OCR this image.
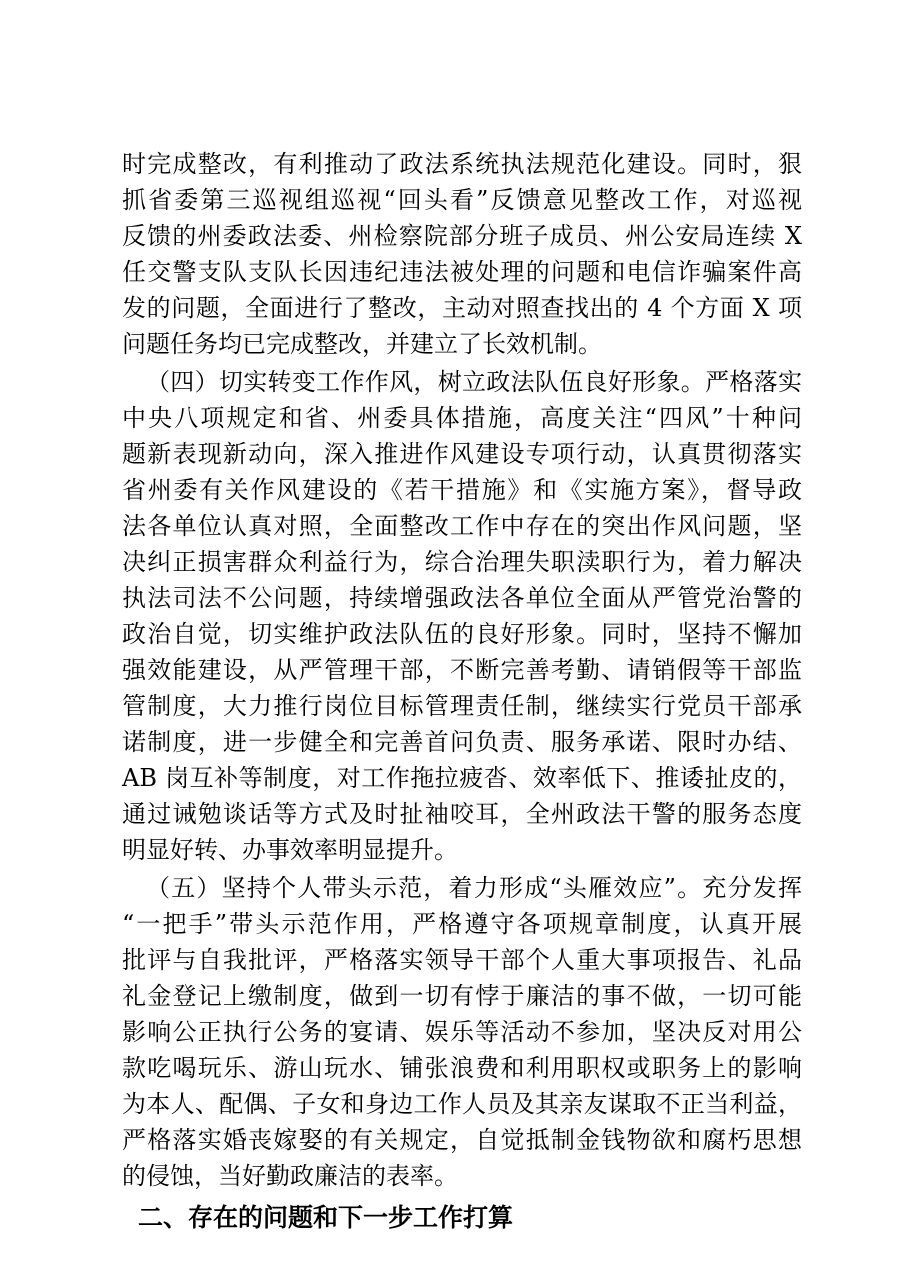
时完成整改，有利推动了政法系统执法规范化建设。同时，狠
抓省委第三巡视组巡视“回头看”反馈意见整改工作，对巡视
反馈的州委政法委、州检察院部分班子成员、州公安局连续 X
任交警支队支队长因违纪违法被处理的问题和电信诈骗案件高
发的问题，全面进行了整改，主动对照查找出的 4 个方面 X 项
问题任务均已完成整改，并建立了长效机制。
（四）切实转变工作作风，树立政法队伍良好形象。严格落实
中央八项规定和省、州委具体措施，高度关注“四风”十种问
题新表现新动向，深入推进作风建设专项行动，认真贯彻落实
省州委有关作风建设的《若干措施》和《实施方案》，督导政
法各单位认真对照，全面整改工作中存在的突出作风问题，坚
决纠正损害群众利益行为，综合治理失职渎职行为，着力解决
执法司法不公问题，持续增强政法各单位全面从严管党治警的
政治自觉，切实维护政法队伍的良好形象。同时，坚持不懈加
强效能建设，从严管理干部，不断完善考勤、请销假等干部监
管制度，大力推行岗位目标管理责任制，继续实行党员干部承
诺制度，进一步健全和完善首问负责、服务承诺、限时办结、
AB 岗互补等制度，对工作拖拉疲沓、效率低下、推诿扯皮的，
通过诫勉谈话等方式及时扯袖咬耳，全州政法干警的服务态度
明显好转、办事效率明显提升。
（五）坚持个人带头示范，着力形成“头雁效应”。充分发挥
“一把手”带头示范作用，严格遵守各项规章制度，认真开展
批评与自我批评，严格落实领导干部个人重大事项报告、礼品
礼金登记上缴制度，做到一切有悖于廉洁的事不做，一切可能
影响公正执行公务的宴请、娱乐等活动不参加，坚决反对用公
款吃喝玩乐、游山玩水、铺张浪费和利用职权或职务上的影响
为本人、配偶、子女和身边工作人员及其亲友谋取不正当利益，
严格落实婚丧嫁娶的有关规定，自觉抵制金钱物欲和腐朽思想
的侵蚀，当好勤政廉洁的表率。
二、存在的问题和下一步工作打算
